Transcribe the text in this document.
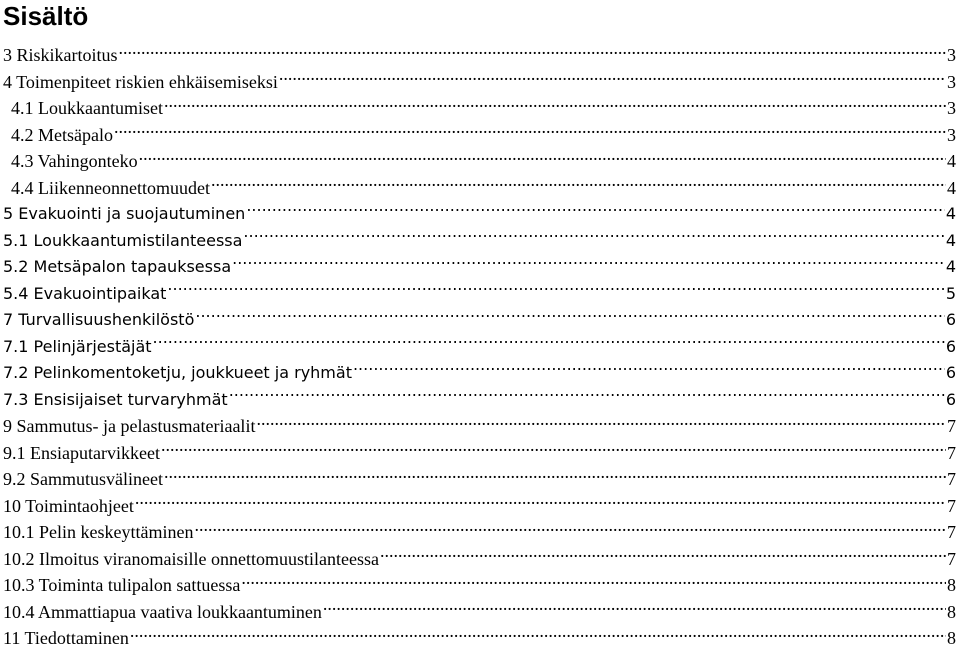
Sisältö
3 Riskikartoitus .....	3
4 Toimenpiteet riskien ehkäisemiseksi .....	3
4.1 Loukkaantumiset .....	3
4.2 Metsäpalo .....	3
4.3 Vahingonteko .....	4
4.4 Liikenneonnettomuudet .....	4
5 Evakuointi ja suojautuminen .....	4
5.1 Loukkaantumistilanteessa .....	4
5.2 Metsäpalon tapauksessa .....	4
5.4 Evakuointipaikat .....	5
7 Turvallisuushenkilöstö .....	6
7.1 Pelinjärjestäjät .....	6
7.2 Pelinkomentoketju, joukkueet ja ryhmät .....	6
7.3 Ensisijaiset turvaryhmät .....	6
9 Sammutus- ja pelastusmateriaalit .....	7
9.1 Ensiaputarvikkeet .....	7
9.2 Sammutusvälineet .....	7
10 Toimintaohjeet .....	7
10.1 Pelin keskeyttäminen .....	7
10.2 Ilmoitus viranomaisille onnettomuustilanteessa .....	7
10.3 Toiminta tulipalon sattuessa .....	8
10.4 Ammattiapua vaativa loukkaantuminen .....	8
11 Tiedottaminen .....	8
